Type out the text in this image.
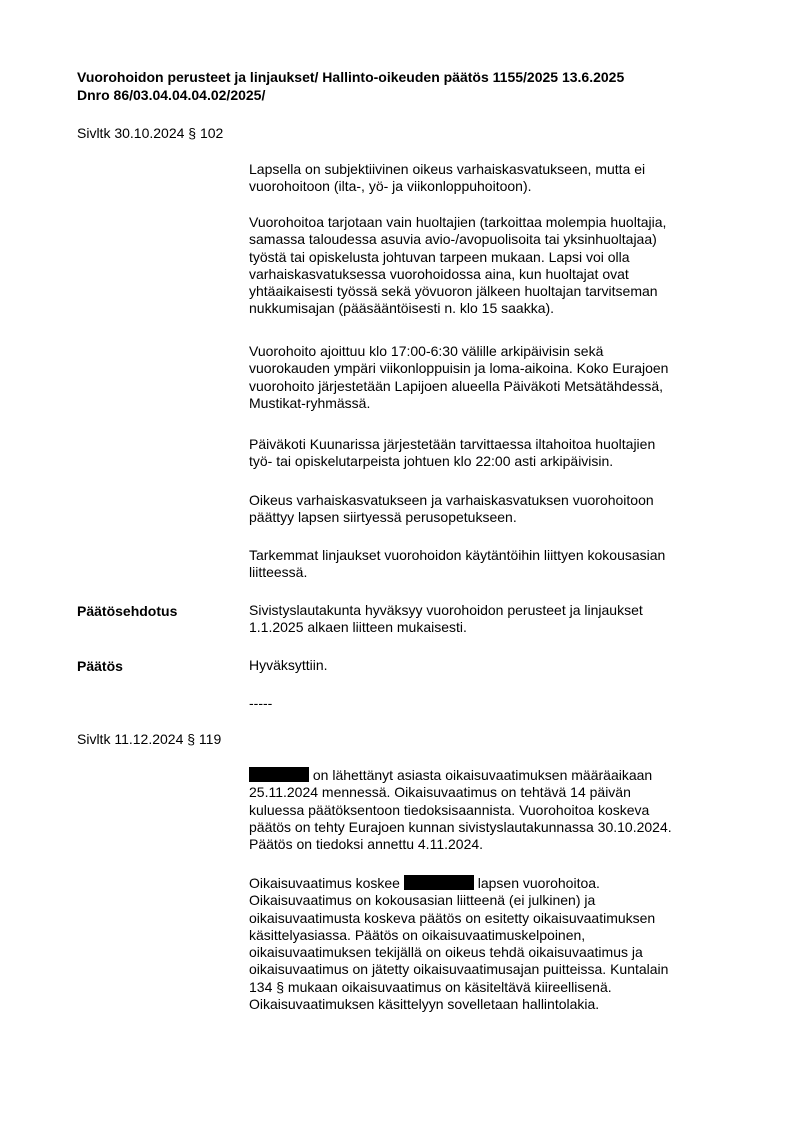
Vuorohoidon perusteet ja linjaukset/ Hallinto-oikeuden päätös 1155/2025 13.6.2025
Dnro 86/03.04.04.04.02/2025/
Sivltk 30.10.2024 § 102
Lapsella on subjektiivinen oikeus varhaiskasvatukseen, mutta ei
vuorohoitoon (ilta-, yö- ja viikonloppuhoitoon).
Vuorohoitoa tarjotaan vain huoltajien (tarkoittaa molempia huoltajia,
samassa taloudessa asuvia avio-/avopuolisoita tai yksinhuoltajaa)
työstä tai opiskelusta johtuvan tarpeen mukaan. Lapsi voi olla
varhaiskasvatuksessa vuorohoidossa aina, kun huoltajat ovat
yhtäaikaisesti työssä sekä yövuoron jälkeen huoltajan tarvitseman
nukkumisajan (pääsääntöisesti n. klo 15 saakka).
Vuorohoito ajoittuu klo 17:00-6:30 välille arkipäivisin sekä
vuorokauden ympäri viikonloppuisin ja loma-aikoina. Koko Eurajoen
vuorohoito järjestetään Lapijoen alueella Päiväkoti Metsätähdessä,
Mustikat-ryhmässä.
Päiväkoti Kuunarissa järjestetään tarvittaessa iltahoitoa huoltajien
työ- tai opiskelutarpeista johtuen klo 22:00 asti arkipäivisin.
Oikeus varhaiskasvatukseen ja varhaiskasvatuksen vuorohoitoon
päättyy lapsen siirtyessä perusopetukseen.
Tarkemmat linjaukset vuorohoidon käytäntöihin liittyen kokousasian
liitteessä.
Päätösehdotus	Sivistyslautakunta hyväksyy vuorohoidon perusteet ja linjaukset
1.1.2025 alkaen liitteen mukaisesti.
Päätös	Hyväksyttiin.
-----
Sivltk 11.12.2024 § 119
on lähettänyt asiasta oikaisuvaatimuksen määräaikaan
25.11.2024 mennessä. Oikaisuvaatimus on tehtävä 14 päivän
kuluessa päätöksentoon tiedoksisaannista. Vuorohoitoa koskeva
päätös on tehty Eurajoen kunnan sivistyslautakunnassa 30.10.2024.
Päätös on tiedoksi annettu 4.11.2024.
Oikaisuvaatimus koskee	lapsen vuorohoitoa.
Oikaisuvaatimus on kokousasian liitteenä (ei julkinen) ja
oikaisuvaatimusta koskeva päätös on esitetty oikaisuvaatimuksen
käsittelyasiassa. Päätös on oikaisuvaatimuskelpoinen,
oikaisuvaatimuksen tekijällä on oikeus tehdä oikaisuvaatimus ja
oikaisuvaatimus on jätetty oikaisuvaatimusajan puitteissa. Kuntalain
134 § mukaan oikaisuvaatimus on käsiteltävä kiireellisenä.
Oikaisuvaatimuksen käsittelyyn sovelletaan hallintolakia.
